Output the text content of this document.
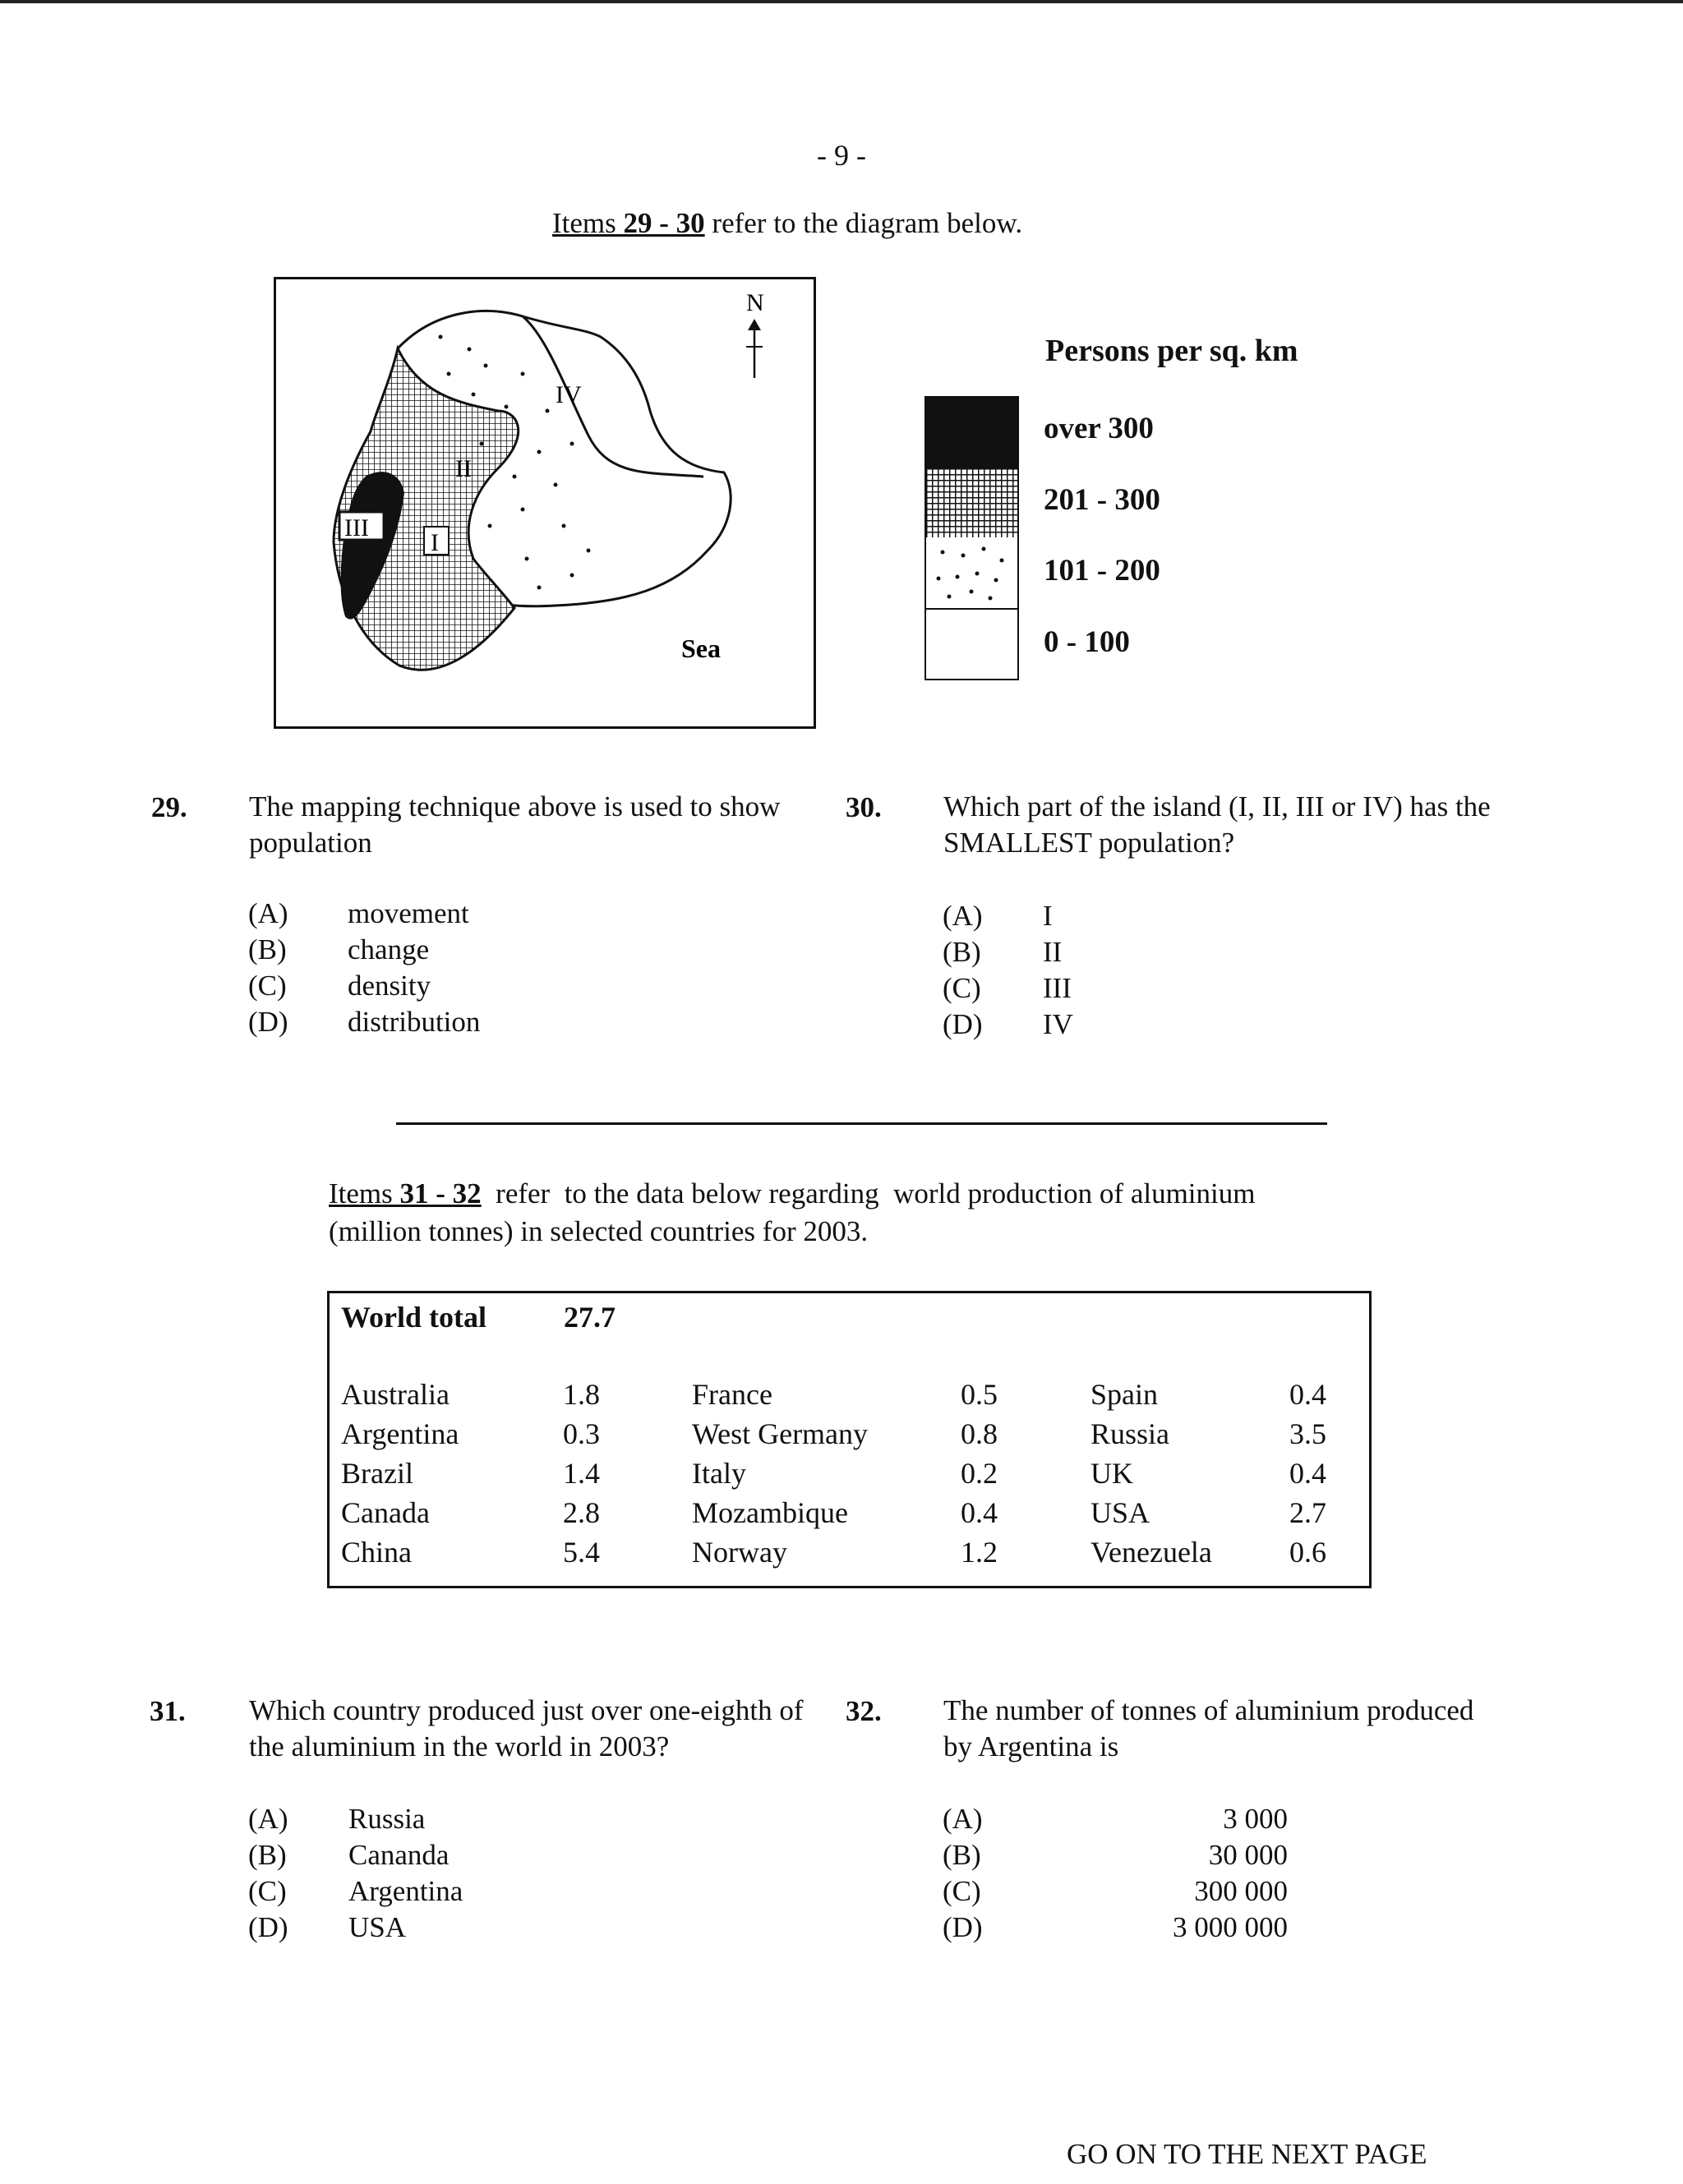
- 9 -
Items 29 - 30 refer to the diagram below.
IV
II
III
I
N
Sea
Persons per sq. km
over 300
201 - 300
101 - 200
0 - 100
29. The mapping technique above is used to show population
(A) movement
(B) change
(C) density
(D) distribution
30. Which part of the island (I, II, III or IV) has the SMALLEST population?
(A) I
(B) II
(C) III
(D) IV
Items 31 - 32  refer  to the data below regarding  world production of aluminium
(million tonnes) in selected countries for 2003.
World total	27.7
Australia	1.8	France	0.5	Spain	0.4
Argentina	0.3	West Germany	0.8	Russia	3.5
Brazil	1.4	Italy	0.2	UK	0.4
Canada	2.8	Mozambique	0.4	USA	2.7
China	5.4	Norway	1.2	Venezuela	0.6
31. Which country produced just over one-eighth of the aluminium in the world in 2003?
(A) Russia
(B) Cananda
(C) Argentina
(D) USA
32. The number of tonnes of aluminium produced by Argentina is
(A)	3 000
(B)	30 000
(C)	300 000
(D)	3 000 000
GO ON TO THE NEXT PAGE
